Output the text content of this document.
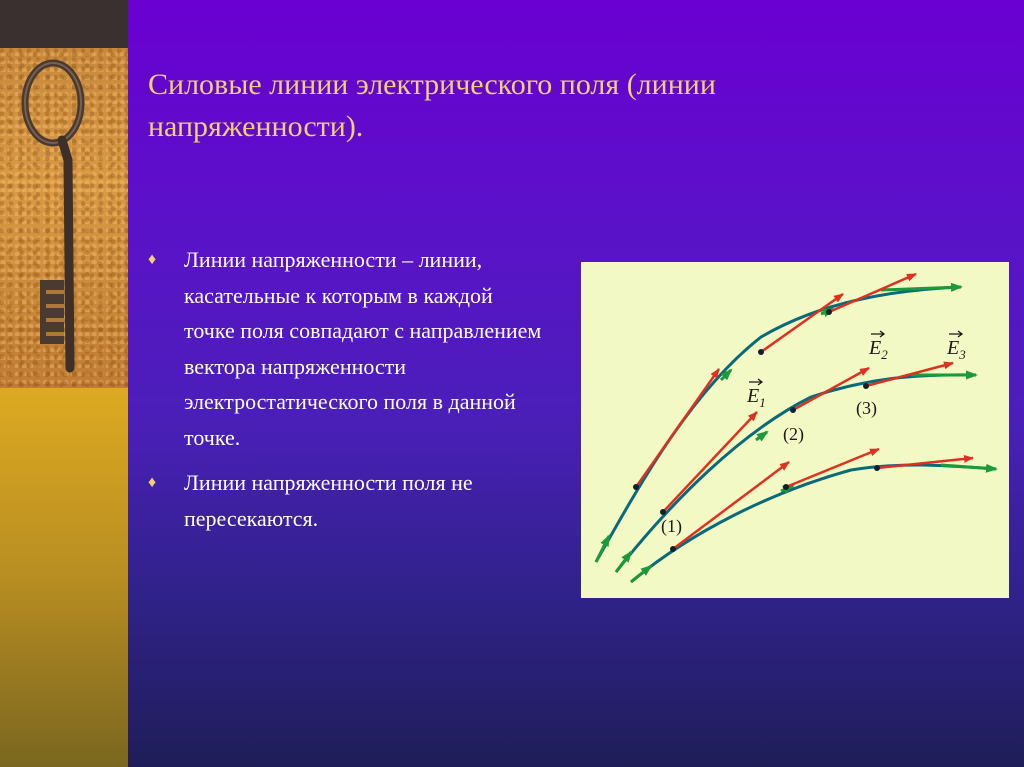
Силовые линии электрического поля (линии напряженности).
♦ Линии напряженности – линии, касательные к которым в каждой точке поля совпадают с направлением вектора напряженности электростатического поля в данной точке.
♦ Линии напряженности поля не пересекаются.
$E_1$
$E_2$	$E_3$
(1)
(2)
(3)
